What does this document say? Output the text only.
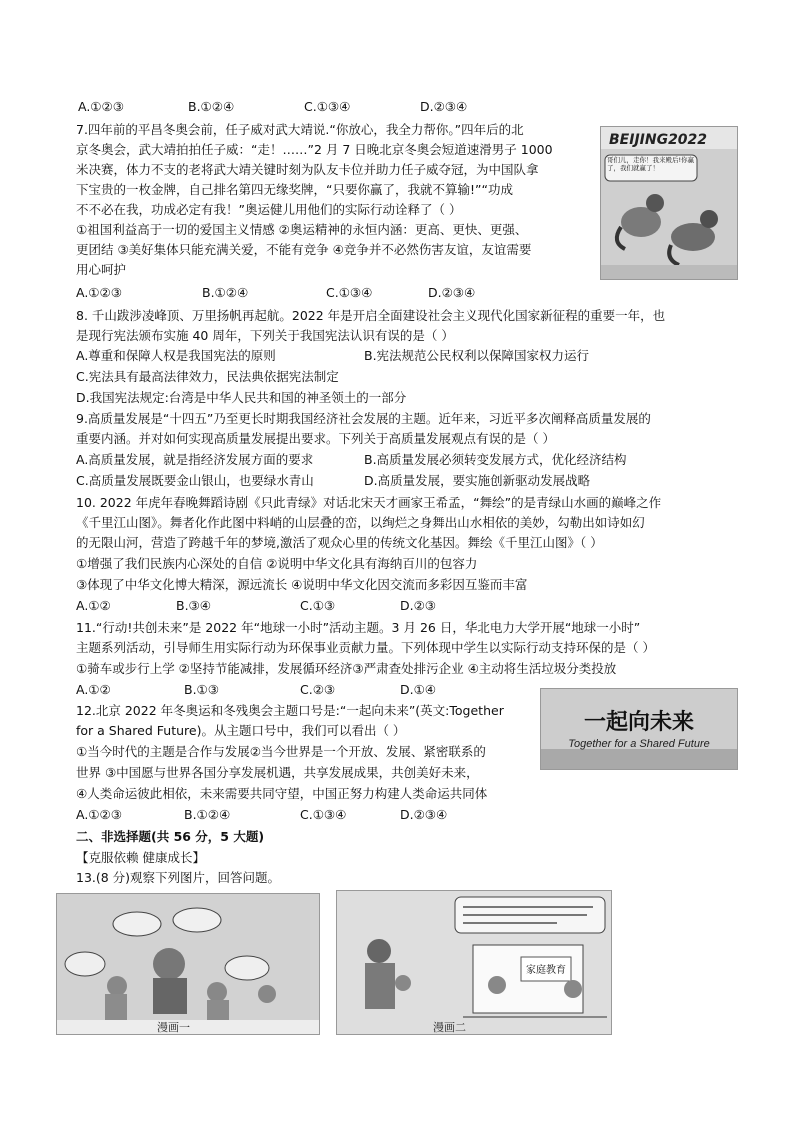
A.①②③	B.①②④	C.①③④	D.②③④
7.四年前的平昌冬奥会前，任子威对武大靖说.“你放心，我全力帮你。”四年后的北
京冬奥会，武大靖拍拍任子威：“走！……”2 月 7 日晚北京冬奥会短道速滑男子 1000
米决赛，体力不支的老将武大靖关键时刻为队友卡位并助力任子威夺冠，为中国队拿
下宝贵的一枚金牌，自己排名第四无缘奖牌，“只要你赢了，我就不算输!”“功成
不不必在我，功成必定有我！”奥运健儿用他们的实际行动诠释了（ ）
①祖国利益高于一切的爱国主义情感 ②奥运精神的永恒内涵：更高、更快、更强、
更团结 ③美好集体只能充满关爱，不能有竞争 ④竞争并不必然伤害友谊，友谊需要
用心呵护
A.①②③	B.①②④	C.①③④	D.②③④
BEIJING2022
哥们儿，走你！我来殿后!你赢了，我们就赢了！
8. 千山跋涉凌峰顶、万里扬帆再起航。2022 年是开启全面建设社会主义现代化国家新征程的重要一年，也
是现行宪法颁布实施 40 周年，下列关于我国宪法认识有误的是（ ）
A.尊重和保障人权是我国宪法的原则	B.宪法规范公民权利以保障国家权力运行
C.宪法具有最高法律效力，民法典依据宪法制定
D.我国宪法规定:台湾是中华人民共和国的神圣领土的一部分
9.高质量发展是“十四五”乃至更长时期我国经济社会发展的主题。近年来，习近平多次阐释高质量发展的
重要内涵。并对如何实现高质量发展提出要求。下列关于高质量发展观点有误的是（ ）
A.高质量发展，就是指经济发展方面的要求	B.高质量发展必须转变发展方式，优化经济结构
C.高质量发展既要金山银山，也要绿水青山	D.高质量发展，要实施创新驱动发展战略
10. 2022 年虎年春晚舞蹈诗剧《只此青绿》对话北宋天才画家王希孟，“舞绘”的是青绿山水画的巅峰之作
《千里江山图》。舞者化作此图中料峭的山层叠的峦，以绚烂之身舞出山水相依的美妙，勾勒出如诗如幻
的无限山河，营造了跨越千年的梦境,激活了观众心里的传统文化基因。舞绘《千里江山图》（ ）
①增强了我们民族内心深处的自信 ②说明中华文化具有海纳百川的包容力
③体现了中华文化博大精深，源远流长 ④说明中华文化因交流而多彩因互鉴而丰富
A.①②	B.③④	C.①③	D.②③
11.“行动!共创未来”是 2022 年“地球一小时”活动主题。3 月 26 日，华北电力大学开展“地球一小时”
主题系列活动，引导师生用实际行动为环保事业贡献力量。下列体现中学生以实际行动支持环保的是（ ）
①骑车或步行上学 ②坚持节能减排，发展循环经济③严肃查处排污企业 ④主动将生活垃圾分类投放
A.①②	B.①③	C.②③	D.①④
12.北京 2022 年冬奥运和冬残奥会主题口号是:“一起向未来”(英文:Together
for a Shared Future)。从主题口号中，我们可以看出（ ）
①当今时代的主题是合作与发展②当今世界是一个开放、发展、紧密联系的
世界 ③中国愿与世界各国分享发展机遇，共享发展成果，共创美好未来，
④人类命运彼此相依，未来需要共同守望，中国正努力构建人类命运共同体
A.①②③	B.①②④	C.①③④	D.②③④
一起向未来
Together for a Shared Future
二、非选择题(共 56 分，5 大题)
【克服依赖 健康成长】
13.(8 分)观察下列图片，回答问题。
漫画一
家庭教育
漫画二
